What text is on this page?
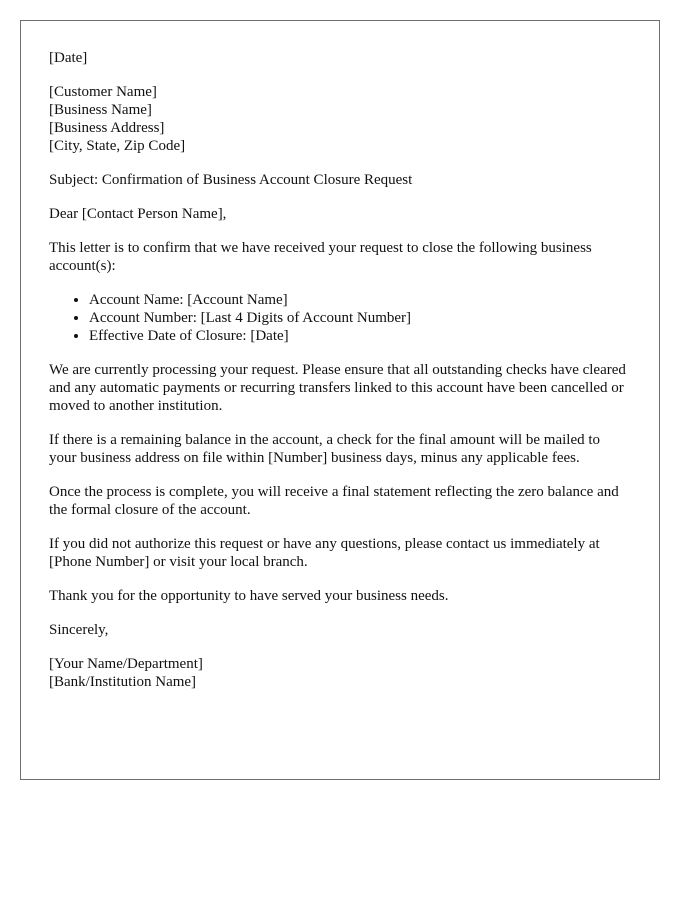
[Date]
[Customer Name]
[Business Name]
[Business Address]
[City, State, Zip Code]

Subject: Confirmation of Business Account Closure Request

Dear [Contact Person Name],

This letter is to confirm that we have received your request to close the following business account(s):

• Account Name: [Account Name]
• Account Number: [Last 4 Digits of Account Number]
• Effective Date of Closure: [Date]

We are currently processing your request. Please ensure that all outstanding checks have cleared and any automatic payments or recurring transfers linked to this account have been cancelled or moved to another institution.

If there is a remaining balance in the account, a check for the final amount will be mailed to your business address on file within [Number] business days, minus any applicable fees.

Once the process is complete, you will receive a final statement reflecting the zero balance and the formal closure of the account.

If you did not authorize this request or have any questions, please contact us immediately at [Phone Number] or visit your local branch.

Thank you for the opportunity to have served your business needs.

Sincerely,

[Your Name/Department]
[Bank/Institution Name]
